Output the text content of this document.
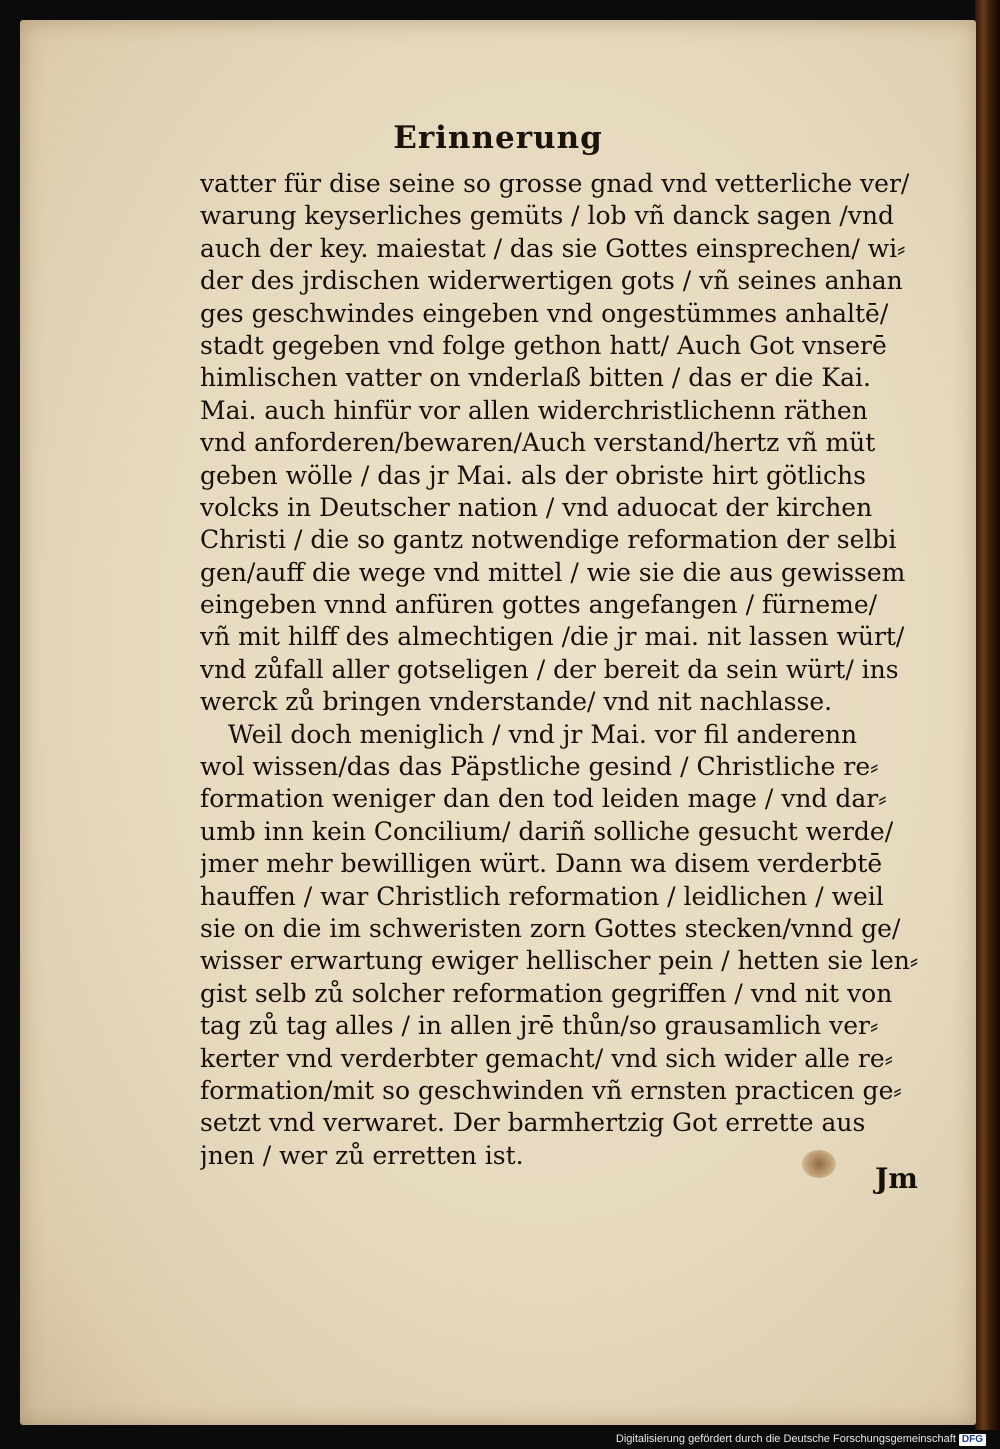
Erinnerung
vatter für dise seine so grosse gnad vnd vetterliche ver/
warung keyserliches gemüts / lob vñ danck sagen /vnd
auch der key. maiestat / das sie Gottes einsprechen/ wi⸗
der des jrdischen widerwertigen gots / vñ seines anhan
ges geschwindes eingeben vnd ongestümmes anhaltē/
stadt gegeben vnd folge gethon hatt/ Auch Got vnserē
himlischen vatter on vnderlaß bitten / das er die Kai.
Mai. auch hinfür vor allen widerchristlichenn räthen
vnd anforderen/bewaren/Auch verstand/hertz vñ müt
geben wölle / das jr Mai. als der obriste hirt götlichs
volcks in Deutscher nation / vnd aduocat der kirchen
Christi / die so gantz notwendige reformation der selbi
gen/auff die wege vnd mittel / wie sie die aus gewissem
eingeben vnnd anfüren gottes angefangen / fürneme/
vñ mit hilff des almechtigen /die jr mai. nit lassen würt/
vnd zůfall aller gotseligen / der bereit da sein würt/ ins
werck zů bringen vnderstande/ vnd nit nachlasse.
Weil doch meniglich / vnd jr Mai. vor fil anderenn
wol wissen/das das Päpstliche gesind / Christliche re⸗
formation weniger dan den tod leiden mage / vnd dar⸗
umb inn kein Concilium/ dariñ solliche gesucht werde/
jmer mehr bewilligen würt. Dann wa disem verderbtē
hauffen / war Christlich reformation / leidlichen / weil
sie on die im schweristen zorn Gottes stecken/vnnd ge/
wisser erwartung ewiger hellischer pein / hetten sie len⸗
gist selb zů solcher reformation gegriffen / vnd nit von
tag zů tag alles / in allen jrē thůn/so grausamlich ver⸗
kerter vnd verderbter gemacht/ vnd sich wider alle re⸗
formation/mit so geschwinden vñ ernsten practicen ge⸗
setzt vnd verwaret. Der barmhertzig Got errette aus
jnen / wer zů erretten ist.
Jm
Digitalisierung gefördert durch die Deutsche Forschungsgemeinschaft DFG
